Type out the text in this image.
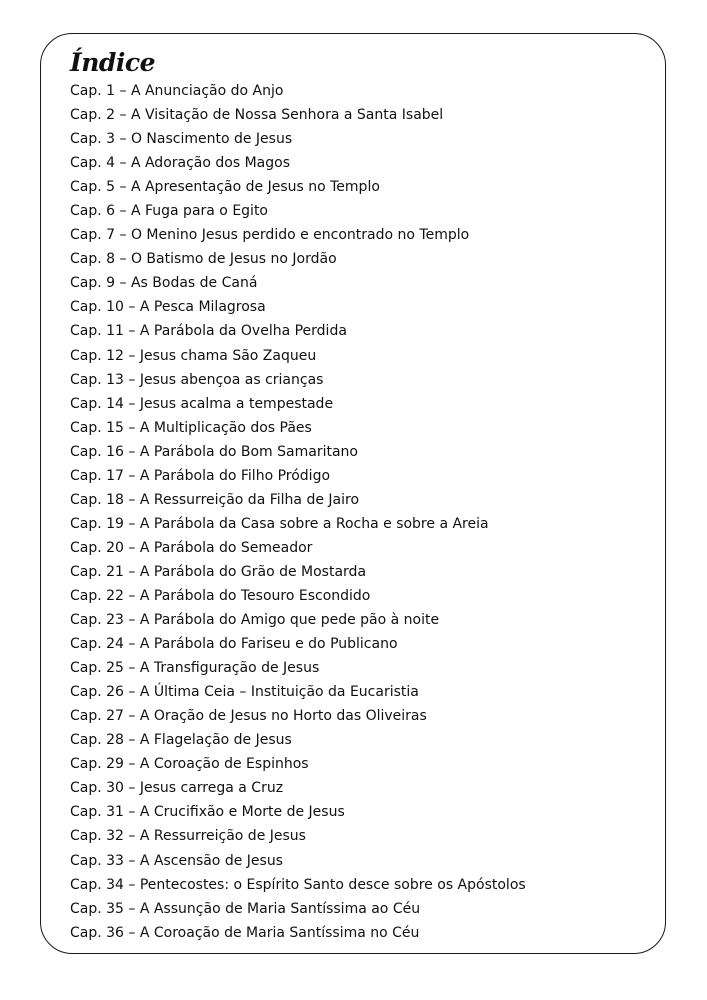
Índice
Cap. 1 – A Anunciação do Anjo
Cap. 2 – A Visitação de Nossa Senhora a Santa Isabel
Cap. 3 – O Nascimento de Jesus
Cap. 4 – A Adoração dos Magos
Cap. 5 – A Apresentação de Jesus no Templo
Cap. 6 – A Fuga para o Egito
Cap. 7 – O Menino Jesus perdido e encontrado no Templo
Cap. 8 – O Batismo de Jesus no Jordão
Cap. 9 – As Bodas de Caná
Cap. 10 – A Pesca Milagrosa
Cap. 11 – A Parábola da Ovelha Perdida
Cap. 12 – Jesus chama São Zaqueu
Cap. 13 – Jesus abençoa as crianças
Cap. 14 – Jesus acalma a tempestade
Cap. 15 – A Multiplicação dos Pães
Cap. 16 – A Parábola do Bom Samaritano
Cap. 17 – A Parábola do Filho Pródigo
Cap. 18 – A Ressurreição da Filha de Jairo
Cap. 19 – A Parábola da Casa sobre a Rocha e sobre a Areia
Cap. 20 – A Parábola do Semeador
Cap. 21 – A Parábola do Grão de Mostarda
Cap. 22 – A Parábola do Tesouro Escondido
Cap. 23 – A Parábola do Amigo que pede pão à noite
Cap. 24 – A Parábola do Fariseu e do Publicano
Cap. 25 – A Transfiguração de Jesus
Cap. 26 – A Última Ceia – Instituição da Eucaristia
Cap. 27 – A Oração de Jesus no Horto das Oliveiras
Cap. 28 – A Flagelação de Jesus
Cap. 29 – A Coroação de Espinhos
Cap. 30 – Jesus carrega a Cruz
Cap. 31 – A Crucifixão e Morte de Jesus
Cap. 32 – A Ressurreição de Jesus
Cap. 33 – A Ascensão de Jesus
Cap. 34 – Pentecostes: o Espírito Santo desce sobre os Apóstolos
Cap. 35 – A Assunção de Maria Santíssima ao Céu
Cap. 36 – A Coroação de Maria Santíssima no Céu
